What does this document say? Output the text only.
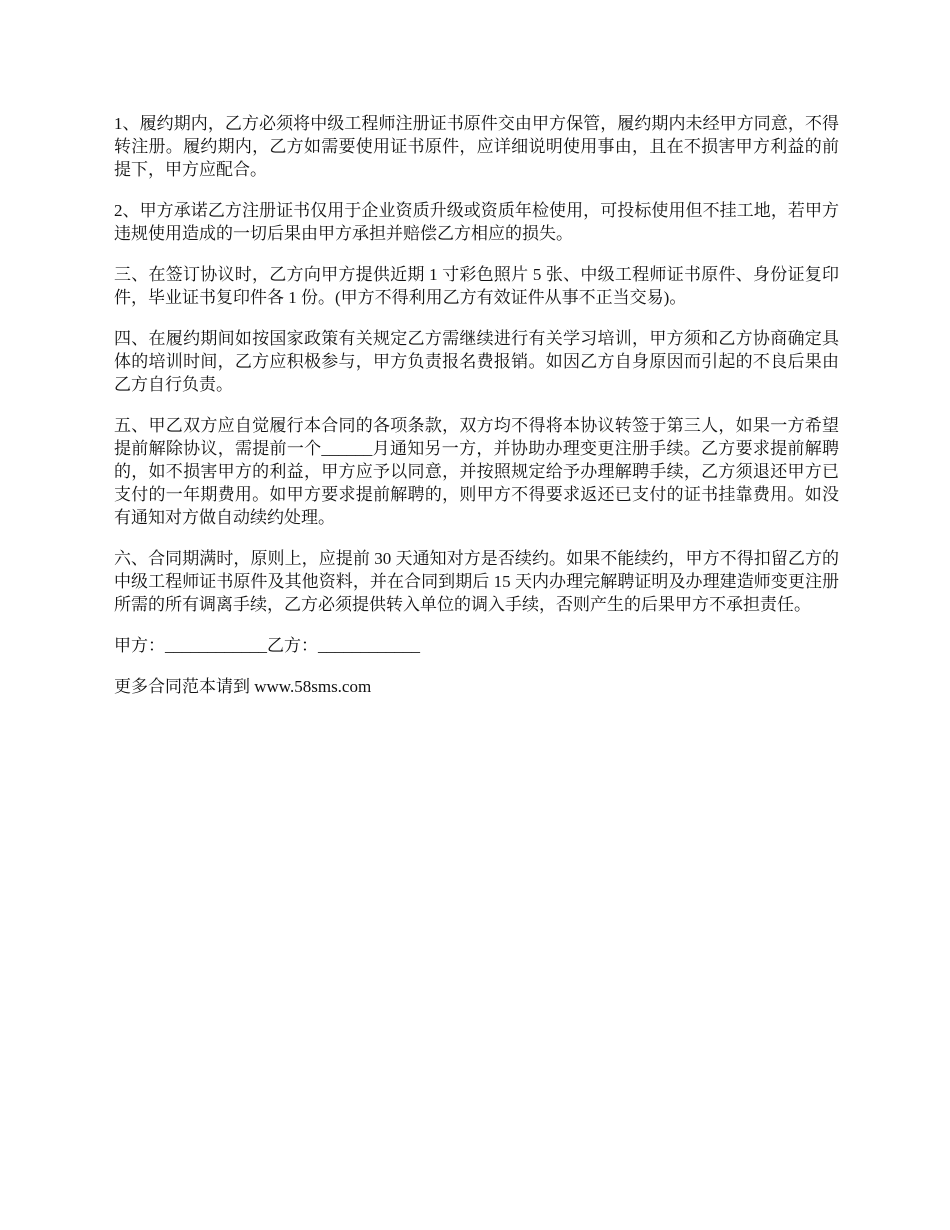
1、履约期内，乙方必须将中级工程师注册证书原件交由甲方保管，履约期内未经甲方同意，不得转注册。履约期内，乙方如需要使用证书原件，应详细说明使用事由，且在不损害甲方利益的前提下，甲方应配合。

2、甲方承诺乙方注册证书仅用于企业资质升级或资质年检使用，可投标使用但不挂工地，若甲方违规使用造成的一切后果由甲方承担并赔偿乙方相应的损失。

三、在签订协议时，乙方向甲方提供近期 1 寸彩色照片 5 张、中级工程师证书原件、身份证复印件，毕业证书复印件各 1 份。(甲方不得利用乙方有效证件从事不正当交易)。

四、在履约期间如按国家政策有关规定乙方需继续进行有关学习培训，甲方须和乙方协商确定具体的培训时间，乙方应积极参与，甲方负责报名费报销。如因乙方自身原因而引起的不良后果由乙方自行负责。

五、甲乙双方应自觉履行本合同的各项条款，双方均不得将本协议转签于第三人，如果一方希望提前解除协议，需提前一个______月通知另一方，并协助办理变更注册手续。乙方要求提前解聘的，如不损害甲方的利益，甲方应予以同意，并按照规定给予办理解聘手续，乙方须退还甲方已支付的一年期费用。如甲方要求提前解聘的，则甲方不得要求返还已支付的证书挂靠费用。如没有通知对方做自动续约处理。

六、合同期满时，原则上，应提前 30 天通知对方是否续约。如果不能续约，甲方不得扣留乙方的中级工程师证书原件及其他资料，并在合同到期后 15 天内办理完解聘证明及办理建造师变更注册所需的所有调离手续，乙方必须提供转入单位的调入手续，否则产生的后果甲方不承担责任。

甲方：____________乙方：____________

更多合同范本请到 www.58sms.com
